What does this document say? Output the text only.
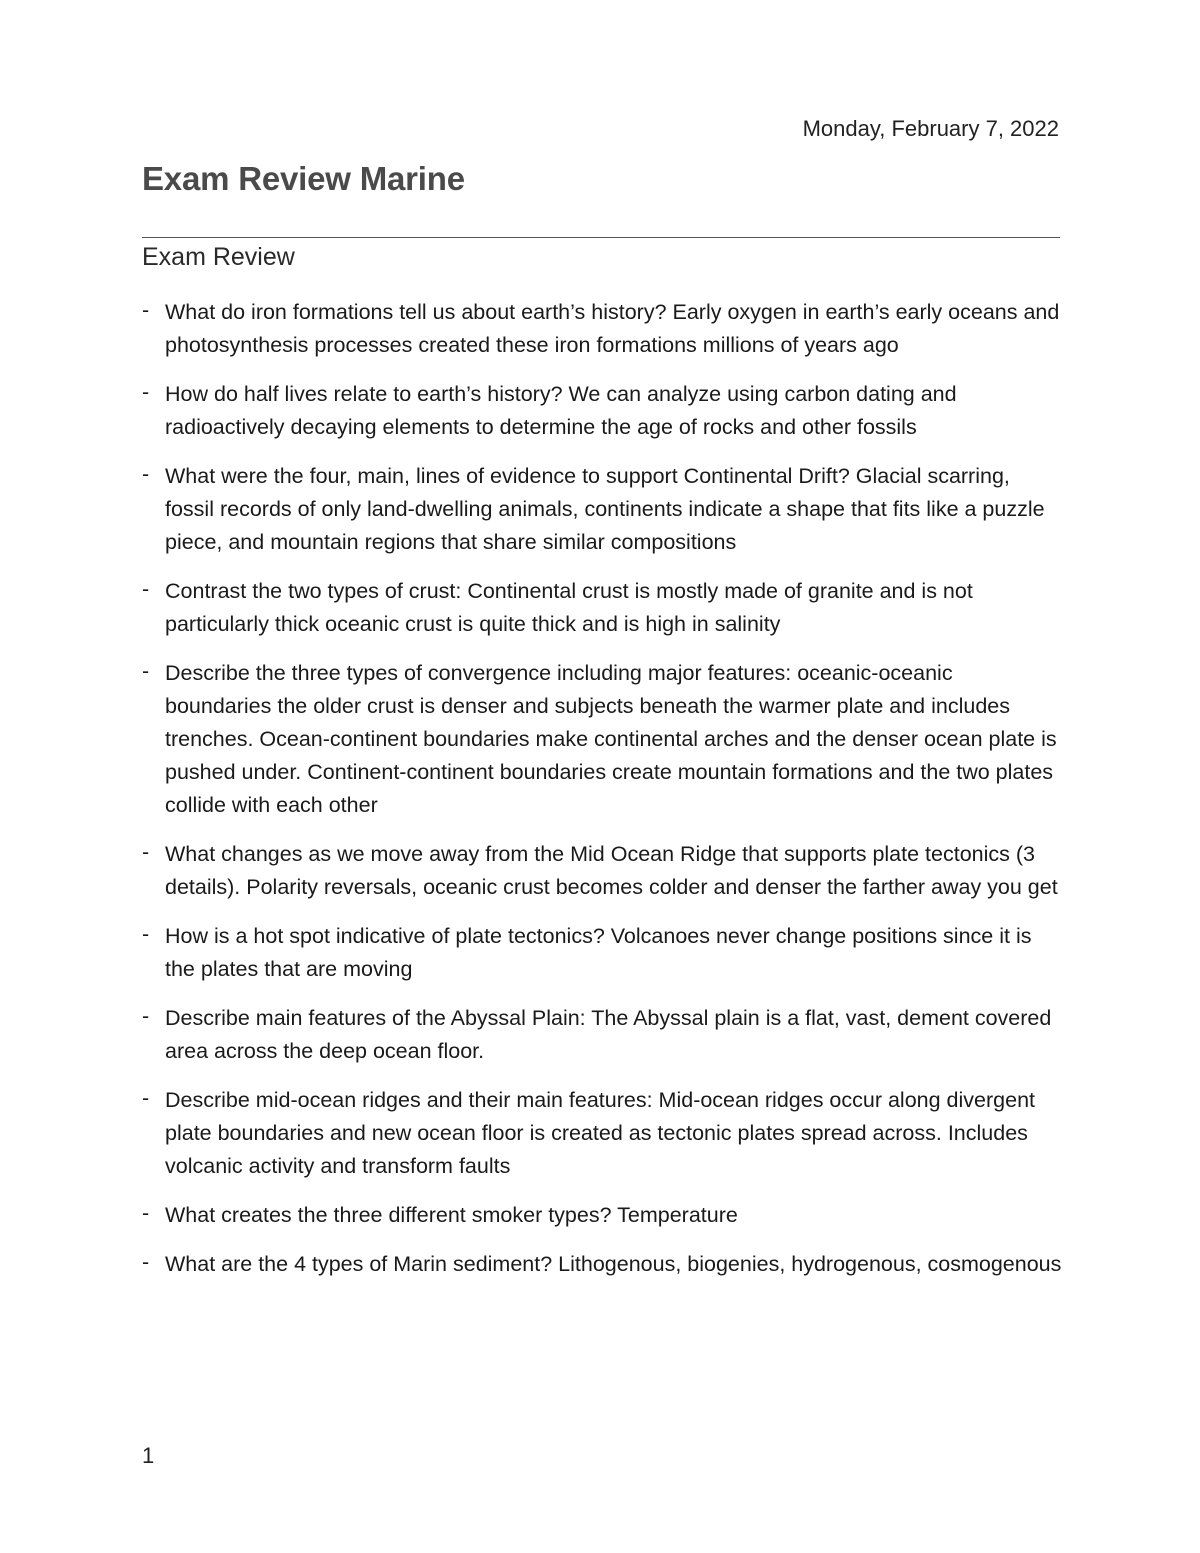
Monday, February 7, 2022
Exam Review Marine
Exam Review
- What do iron formations tell us about earth’s history? Early oxygen in earth’s early oceans and photosynthesis processes created these iron formations millions of years ago
- How do half lives relate to earth’s history? We can analyze using carbon dating and radioactively decaying elements to determine the age of rocks and other fossils
- What were the four, main, lines of evidence to support Continental Drift? Glacial scarring, fossil records of only land-dwelling animals, continents indicate a shape that fits like a puzzle piece, and mountain regions that share similar compositions
- Contrast the two types of crust: Continental crust is mostly made of granite and is not particularly thick oceanic crust is quite thick and is high in salinity
- Describe the three types of convergence including major features: oceanic-oceanic boundaries the older crust is denser and subjects beneath the warmer plate and includes trenches. Ocean-continent boundaries make continental arches and the denser ocean plate is pushed under. Continent-continent boundaries create mountain formations and the two plates collide with each other
- What changes as we move away from the Mid Ocean Ridge that supports plate tectonics (3 details). Polarity reversals, oceanic crust becomes colder and denser the farther away you get
- How is a hot spot indicative of plate tectonics? Volcanoes never change positions since it is the plates that are moving
- Describe main features of the Abyssal Plain: The Abyssal plain is a flat, vast, dement covered area across the deep ocean floor.
- Describe mid-ocean ridges and their main features: Mid-ocean ridges occur along divergent plate boundaries and new ocean floor is created as tectonic plates spread across. Includes volcanic activity and transform faults
- What creates the three different smoker types? Temperature
- What are the 4 types of Marin sediment? Lithogenous, biogenies, hydrogenous, cosmogenous
1
